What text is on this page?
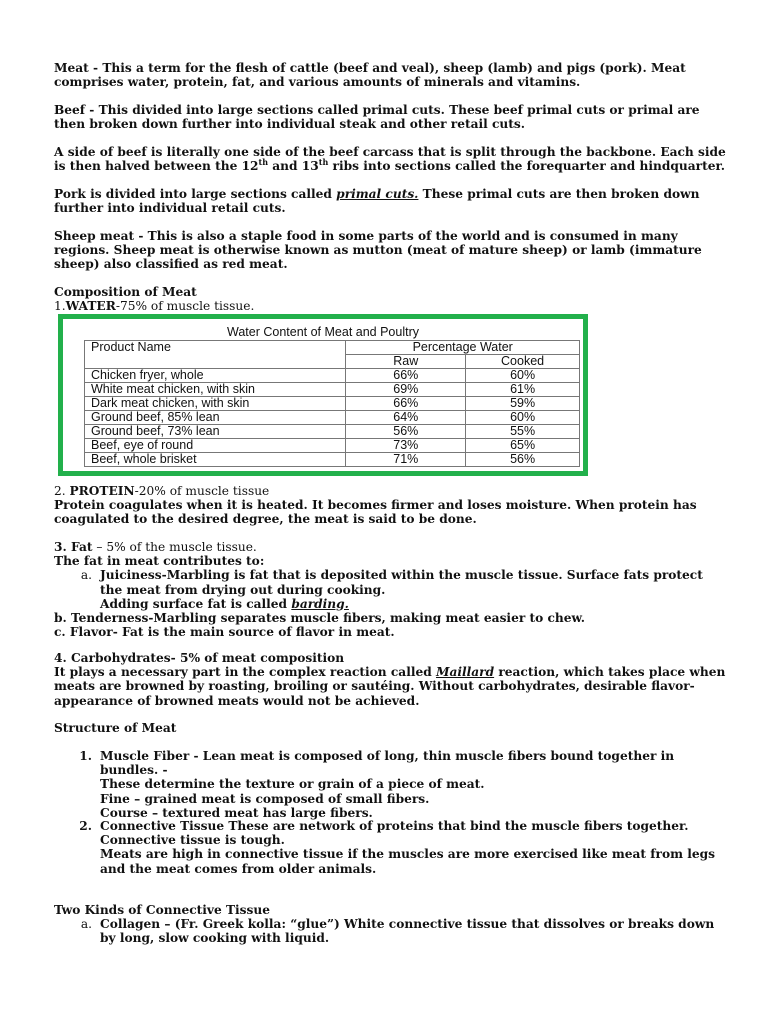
Meat - This a term for the flesh of cattle (beef and veal), sheep (lamb) and pigs (pork). Meat comprises water, protein, fat, and various amounts of minerals and vitamins.

Beef - This divided into large sections called primal cuts. These beef primal cuts or primal are then broken down further into individual steak and other retail cuts.

A side of beef is literally one side of the beef carcass that is split through the backbone. Each side is then halved between the 12th and 13th ribs into sections called the forequarter and hindquarter.

Pork is divided into large sections called primal cuts. These primal cuts are then broken down further into individual retail cuts.

Sheep meat - This is also a staple food in some parts of the world and is consumed in many regions. Sheep meat is otherwise known as mutton (meat of mature sheep) or lamb (immature sheep) also classified as red meat.

Composition of Meat

1.WATER-75% of muscle tissue.

Water Content of Meat and Poultry
Product Name	Percentage Water	
	Raw	Cooked
Chicken fryer, whole	66%	60%
White meat chicken, with skin	69%	61%
Dark meat chicken, with skin	66%	59%
Ground beef, 85% lean	64%	60%
Ground beef, 73% lean	56%	55%
Beef, eye of round	73%	65%
Beef, whole brisket	71%	56%

2. PROTEIN-20% of muscle tissue

Protein coagulates when it is heated. It becomes firmer and loses moisture. When protein has coagulated to the desired degree, the meat is said to be done.

3. Fat – 5% of the muscle tissue.

The fat in meat contributes to:

a. Juiciness-Marbling is fat that is deposited within the muscle tissue. Surface fats protect the meat from drying out during cooking.
Adding surface fat is called barding.

b. Tenderness-Marbling separates muscle fibers, making meat easier to chew.

c. Flavor- Fat is the main source of flavor in meat.

4. Carbohydrates- 5% of meat composition

It plays a necessary part in the complex reaction called Maillard reaction, which takes place when meats are browned by roasting, broiling or sautéing. Without carbohydrates, desirable flavor-appearance of browned meats would not be achieved.

Structure of Meat

1. Muscle Fiber - Lean meat is composed of long, thin muscle fibers bound together in bundles. -
These determine the texture or grain of a piece of meat.
Fine – grained meat is composed of small fibers.
Course – textured meat has large fibers.
2. Connective Tissue These are network of proteins that bind the muscle fibers together.
Connective tissue is tough.
Meats are high in connective tissue if the muscles are more exercised like meat from legs and the meat comes from older animals.

Two Kinds of Connective Tissue

a. Collagen – (Fr. Greek kolla: “glue”) White connective tissue that dissolves or breaks down by long, slow cooking with liquid.
